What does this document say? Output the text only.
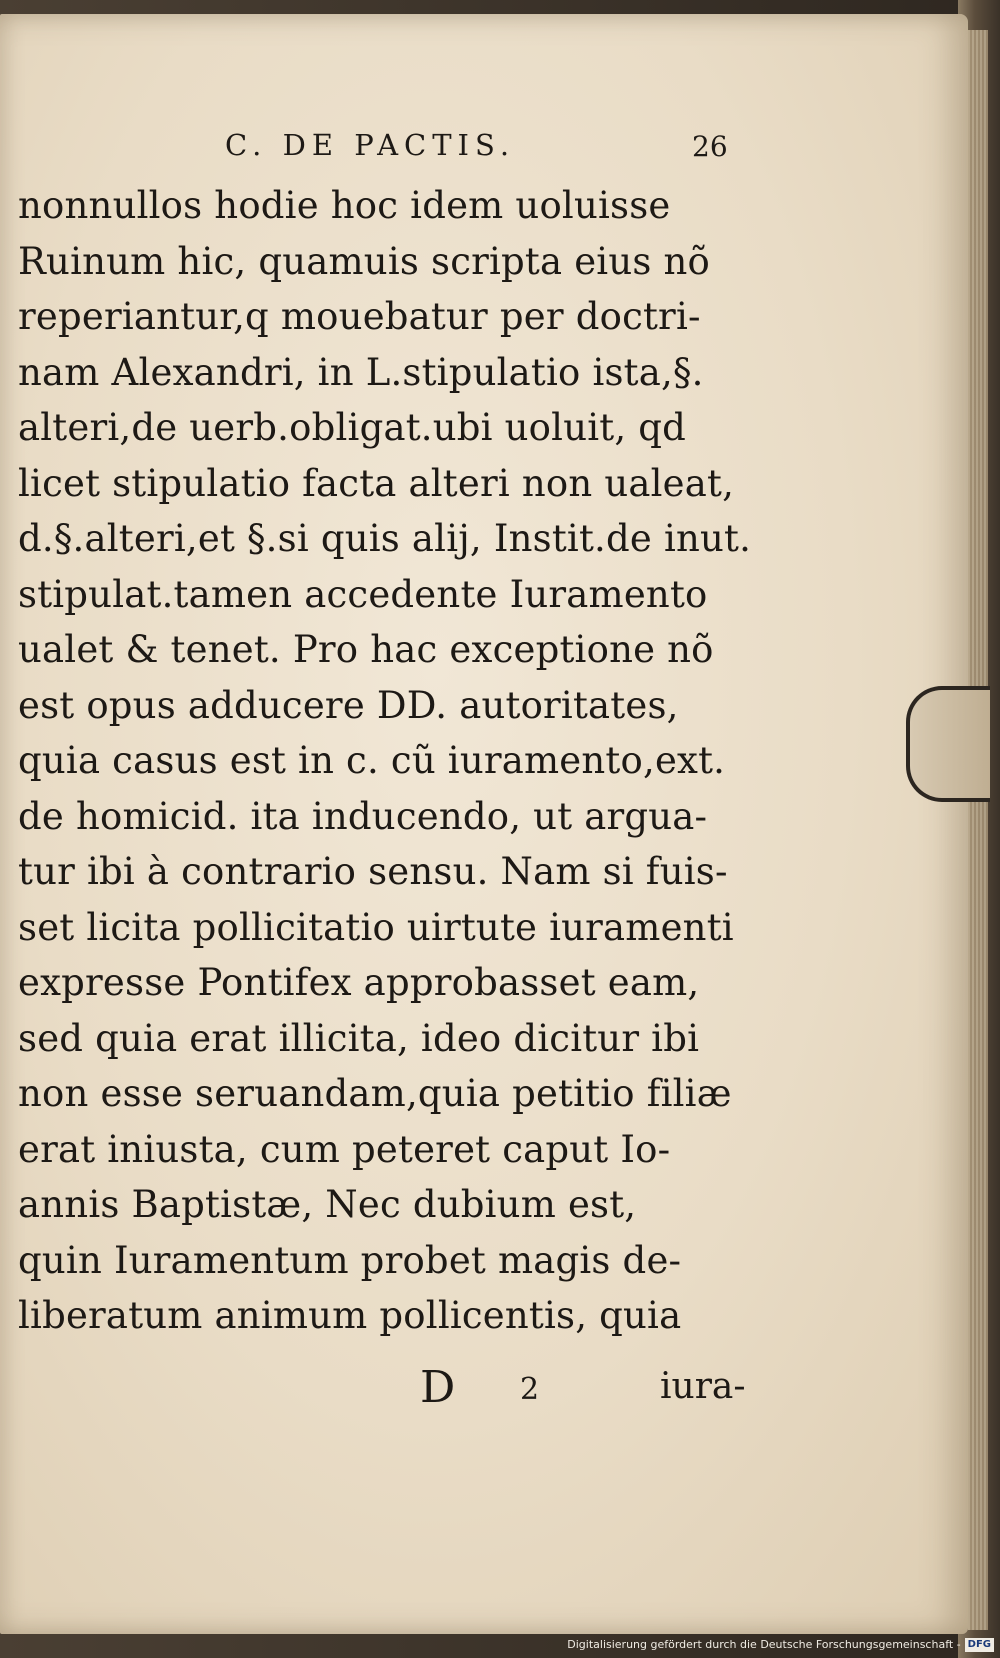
C. DE PACTIS.	26
nonnullos hodie hoc idem uoluisse
Ruinum hic, quamuis scripta eius nõ
reperiantur,q mouebatur per doctri-
nam Alexandri, in L.stipulatio ista,§.
alteri,de uerb.obligat.ubi uoluit, qd
licet stipulatio facta alteri non ualeat,
d.§.alteri,et §.si quis alij, Instit.de inut.
stipulat.tamen accedente Iuramento
ualet & tenet. Pro hac exceptione nõ
est opus adducere DD. autoritates,
quia casus est in c. cũ iuramento,ext.
de homicid. ita inducendo, ut argua-
tur ibi à contrario sensu. Nam si fuis-
set licita pollicitatio uirtute iuramenti
expresse Pontifex approbasset eam,
sed quia erat illicita, ideo dicitur ibi
non esse seruandam,quia petitio filiæ
erat iniusta, cum peteret caput Io-
annis Baptistæ, Nec dubium est,
quin Iuramentum probet magis de-
liberatum animum pollicentis, quia
D 2	iura-
Digitalisierung gefördert durch die Deutsche Forschungsgemeinschaft - DFG
